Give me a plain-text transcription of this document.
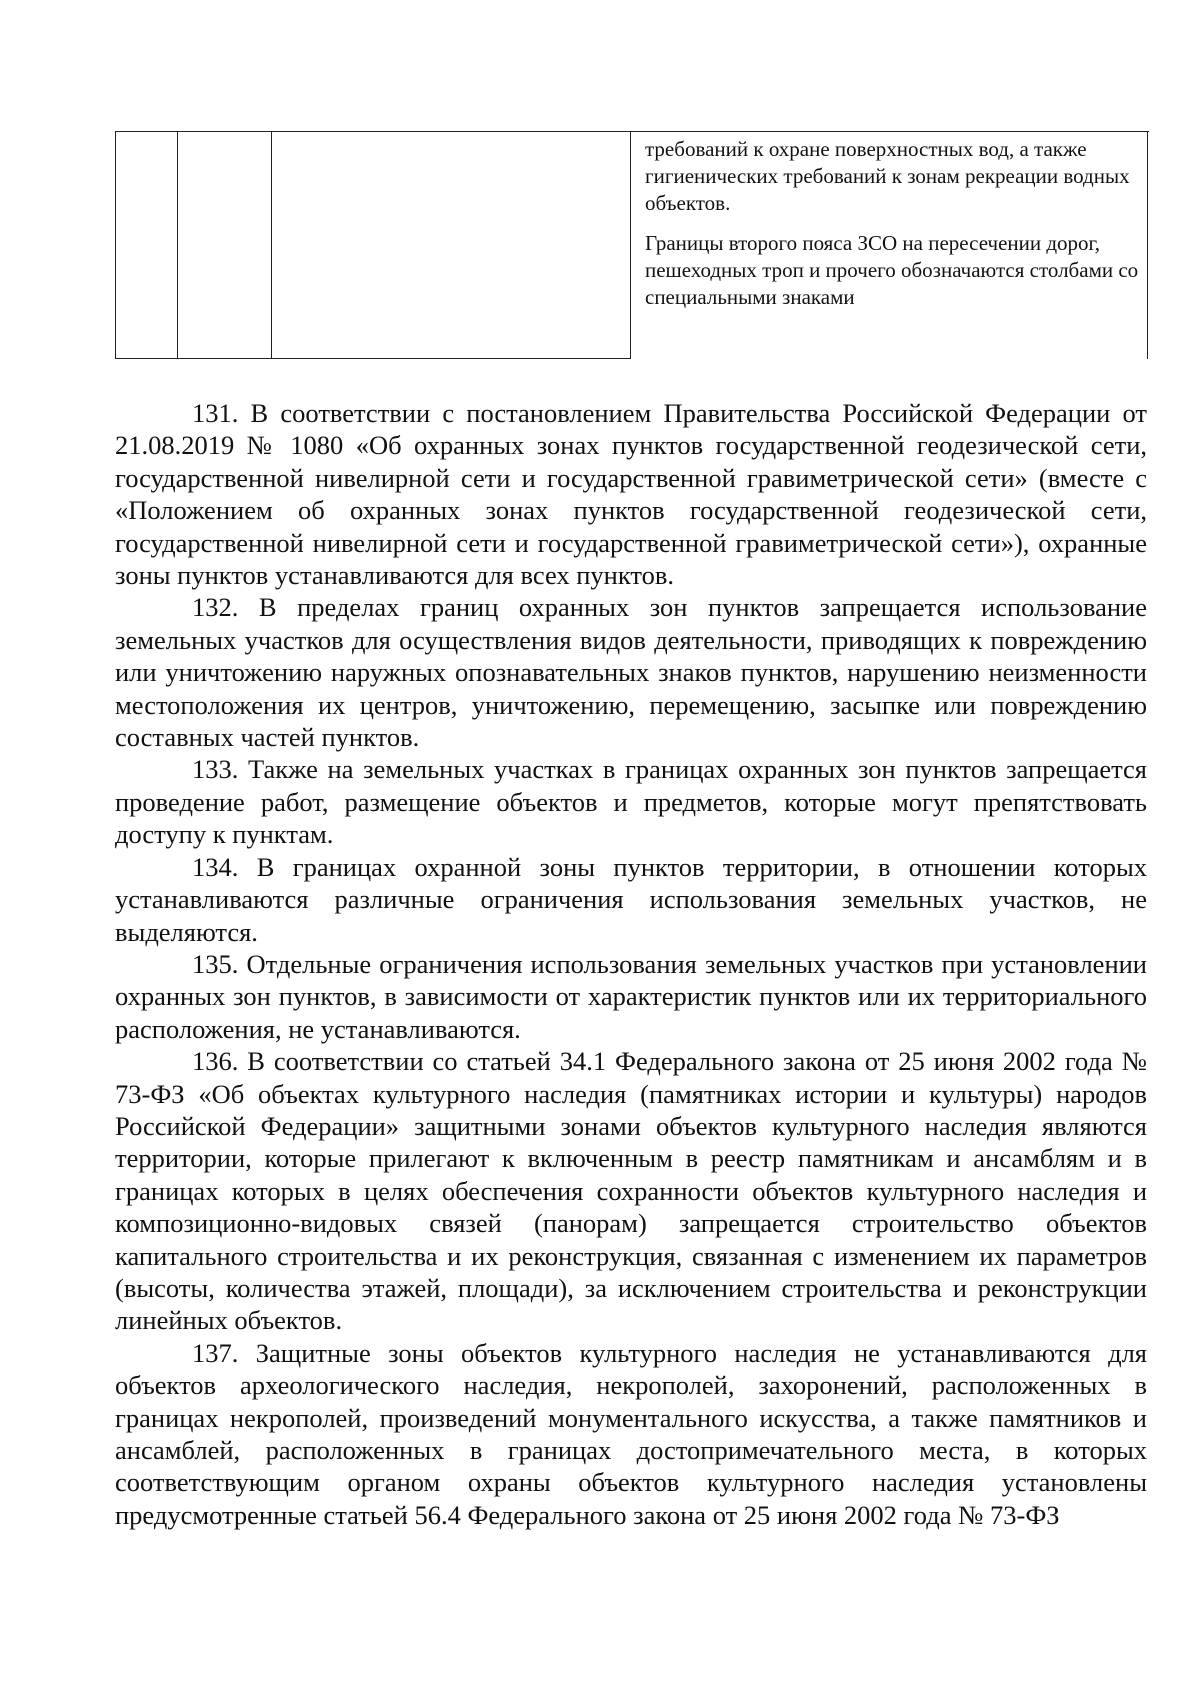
требований к охране поверхностных вод, а также гигиенических требований к зонам рекреации водных объектов.

Границы второго пояса ЗСО на пересечении дорог, пешеходных троп и прочего обозначаются столбами со специальными знаками

131. В соответствии с постановлением Правительства Российской Федерации от 21.08.2019 № 1080 «Об охранных зонах пунктов государственной геодезической сети, государственной нивелирной сети и государственной гравиметрической сети» (вместе с «Положением об охранных зонах пунктов государственной геодезической сети, государственной нивелирной сети и государственной гравиметрической сети»), охранные зоны пунктов устанавливаются для всех пунктов.

132. В пределах границ охранных зон пунктов запрещается использование земельных участков для осуществления видов деятельности, приводящих к повреждению или уничтожению наружных опознавательных знаков пунктов, нарушению неизменности местоположения их центров, уничтожению, перемещению, засыпке или повреждению составных частей пунктов.

133. Также на земельных участках в границах охранных зон пунктов запрещается проведение работ, размещение объектов и предметов, которые могут препятствовать доступу к пунктам.

134. В границах охранной зоны пунктов территории, в отношении которых устанавливаются различные ограничения использования земельных участков, не выделяются.

135. Отдельные ограничения использования земельных участков при установлении охранных зон пунктов, в зависимости от характеристик пунктов или их территориального расположения, не устанавливаются.

136. В соответствии со статьей 34.1 Федерального закона от 25 июня 2002 года № 73-ФЗ «Об объектах культурного наследия (памятниках истории и культуры) народов Российской Федерации» защитными зонами объектов культурного наследия являются территории, которые прилегают к включенным в реестр памятникам и ансамблям и в границах которых в целях обеспечения сохранности объектов культурного наследия и композиционно-видовых связей (панорам) запрещается строительство объектов капитального строительства и их реконструкция, связанная с изменением их параметров (высоты, количества этажей, площади), за исключением строительства и реконструкции линейных объектов.

137. Защитные зоны объектов культурного наследия не устанавливаются для объектов археологического наследия, некрополей, захоронений, расположенных в границах некрополей, произведений монументального искусства, а также памятников и ансамблей, расположенных в границах достопримечательного места, в которых соответствующим органом охраны объектов культурного наследия установлены предусмотренные статьей 56.4 Федерального закона от 25 июня 2002 года № 73-ФЗ
